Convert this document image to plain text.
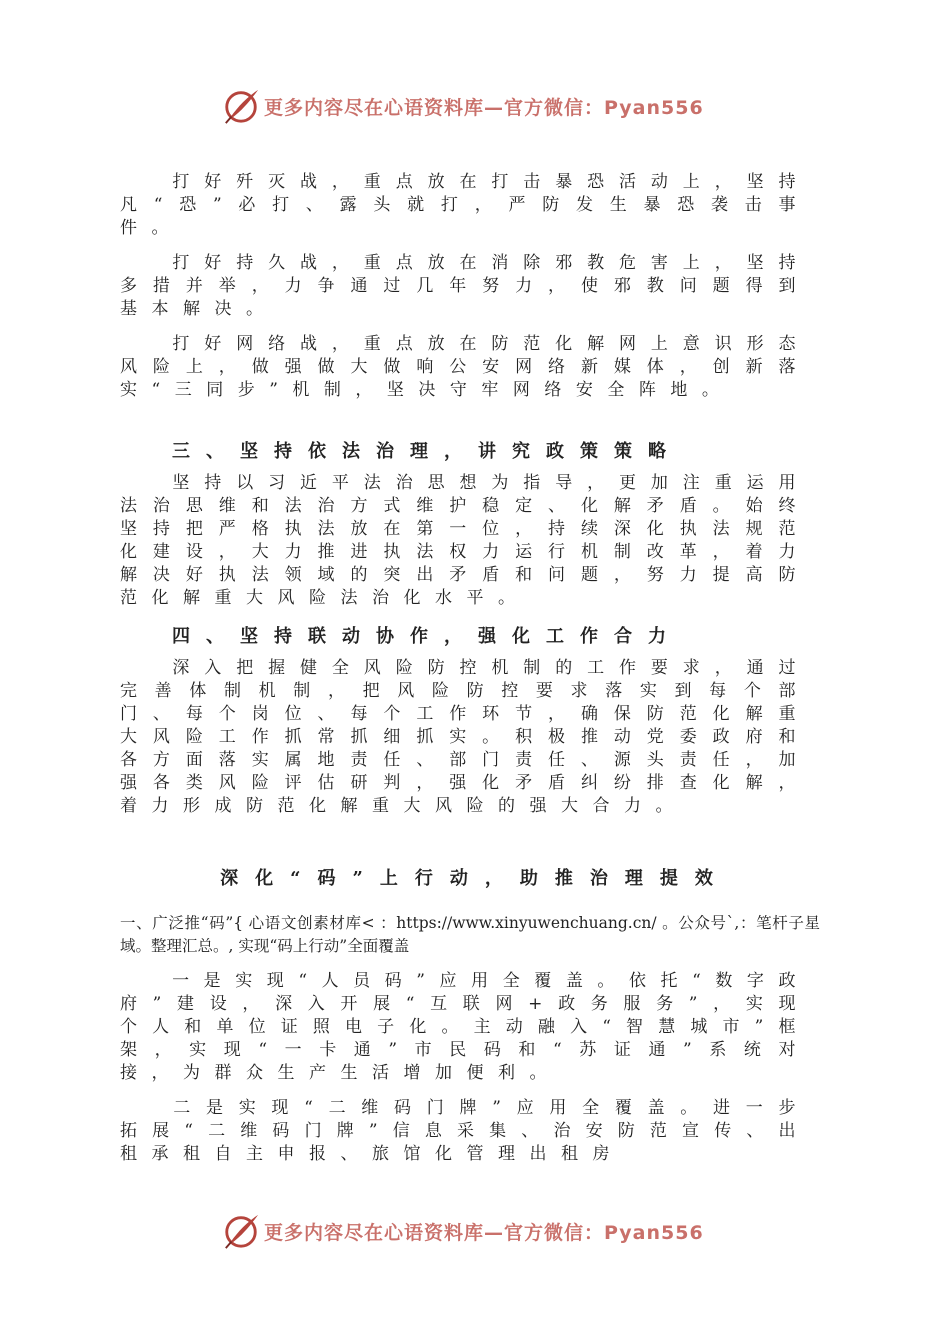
更多内容尽在心语资料库—官方微信：Pyan556

打好歼灭战，重点放在打击暴恐活动上，坚持凡“恐”必打、露头就打，严防发生暴恐袭击事件。

打好持久战，重点放在消除邪教危害上，坚持多措并举，力争通过几年努力，使邪教问题得到基本解决。

打好网络战，重点放在防范化解网上意识形态风险上，做强做大做响公安网络新媒体，创新落实“三同步”机制，坚决守牢网络安全阵地。

三、坚持依法治理，讲究政策策略

坚持以习近平法治思想为指导，更加注重运用法治思维和法治方式维护稳定、化解矛盾。始终坚持把严格执法放在第一位，持续深化执法规范化建设，大力推进执法权力运行机制改革，着力解决好执法领域的突出矛盾和问题，努力提高防范化解重大风险法治化水平。

四、坚持联动协作，强化工作合力

深入把握健全风险防控机制的工作要求，通过完善体制机制，把风险防控要求落实到每个部门、每个岗位、每个工作环节，确保防范化解重大风险工作抓常抓细抓实。积极推动党委政府和各方面落实属地责任、部门责任、源头责任，加强各类风险评估研判，强化矛盾纠纷排查化解，着力形成防范化解重大风险的强大合力。

深化“码”上行动，助推治理提效

一、广泛推“码”{ 心语文创素材库< ：https://www.xinyuwenchuang.cn/ 。公众号`,：笔杆子星域。整理汇总。, 实现“码上行动”全面覆盖

一是实现“人员码”应用全覆盖。依托“数字政府”建设，深入开展“互联网+政务服务”，实现个人和单位证照电子化。主动融入“智慧城市”框架，实现“一卡通”市民码和“苏证通”系统对接，为群众生产生活增加便利。

二是实现“二维码门牌”应用全覆盖。进一步拓展“二维码门牌”信息采集、治安防范宣传、出租承租自主申报、旅馆化管理出租房

更多内容尽在心语资料库—官方微信：Pyan556
